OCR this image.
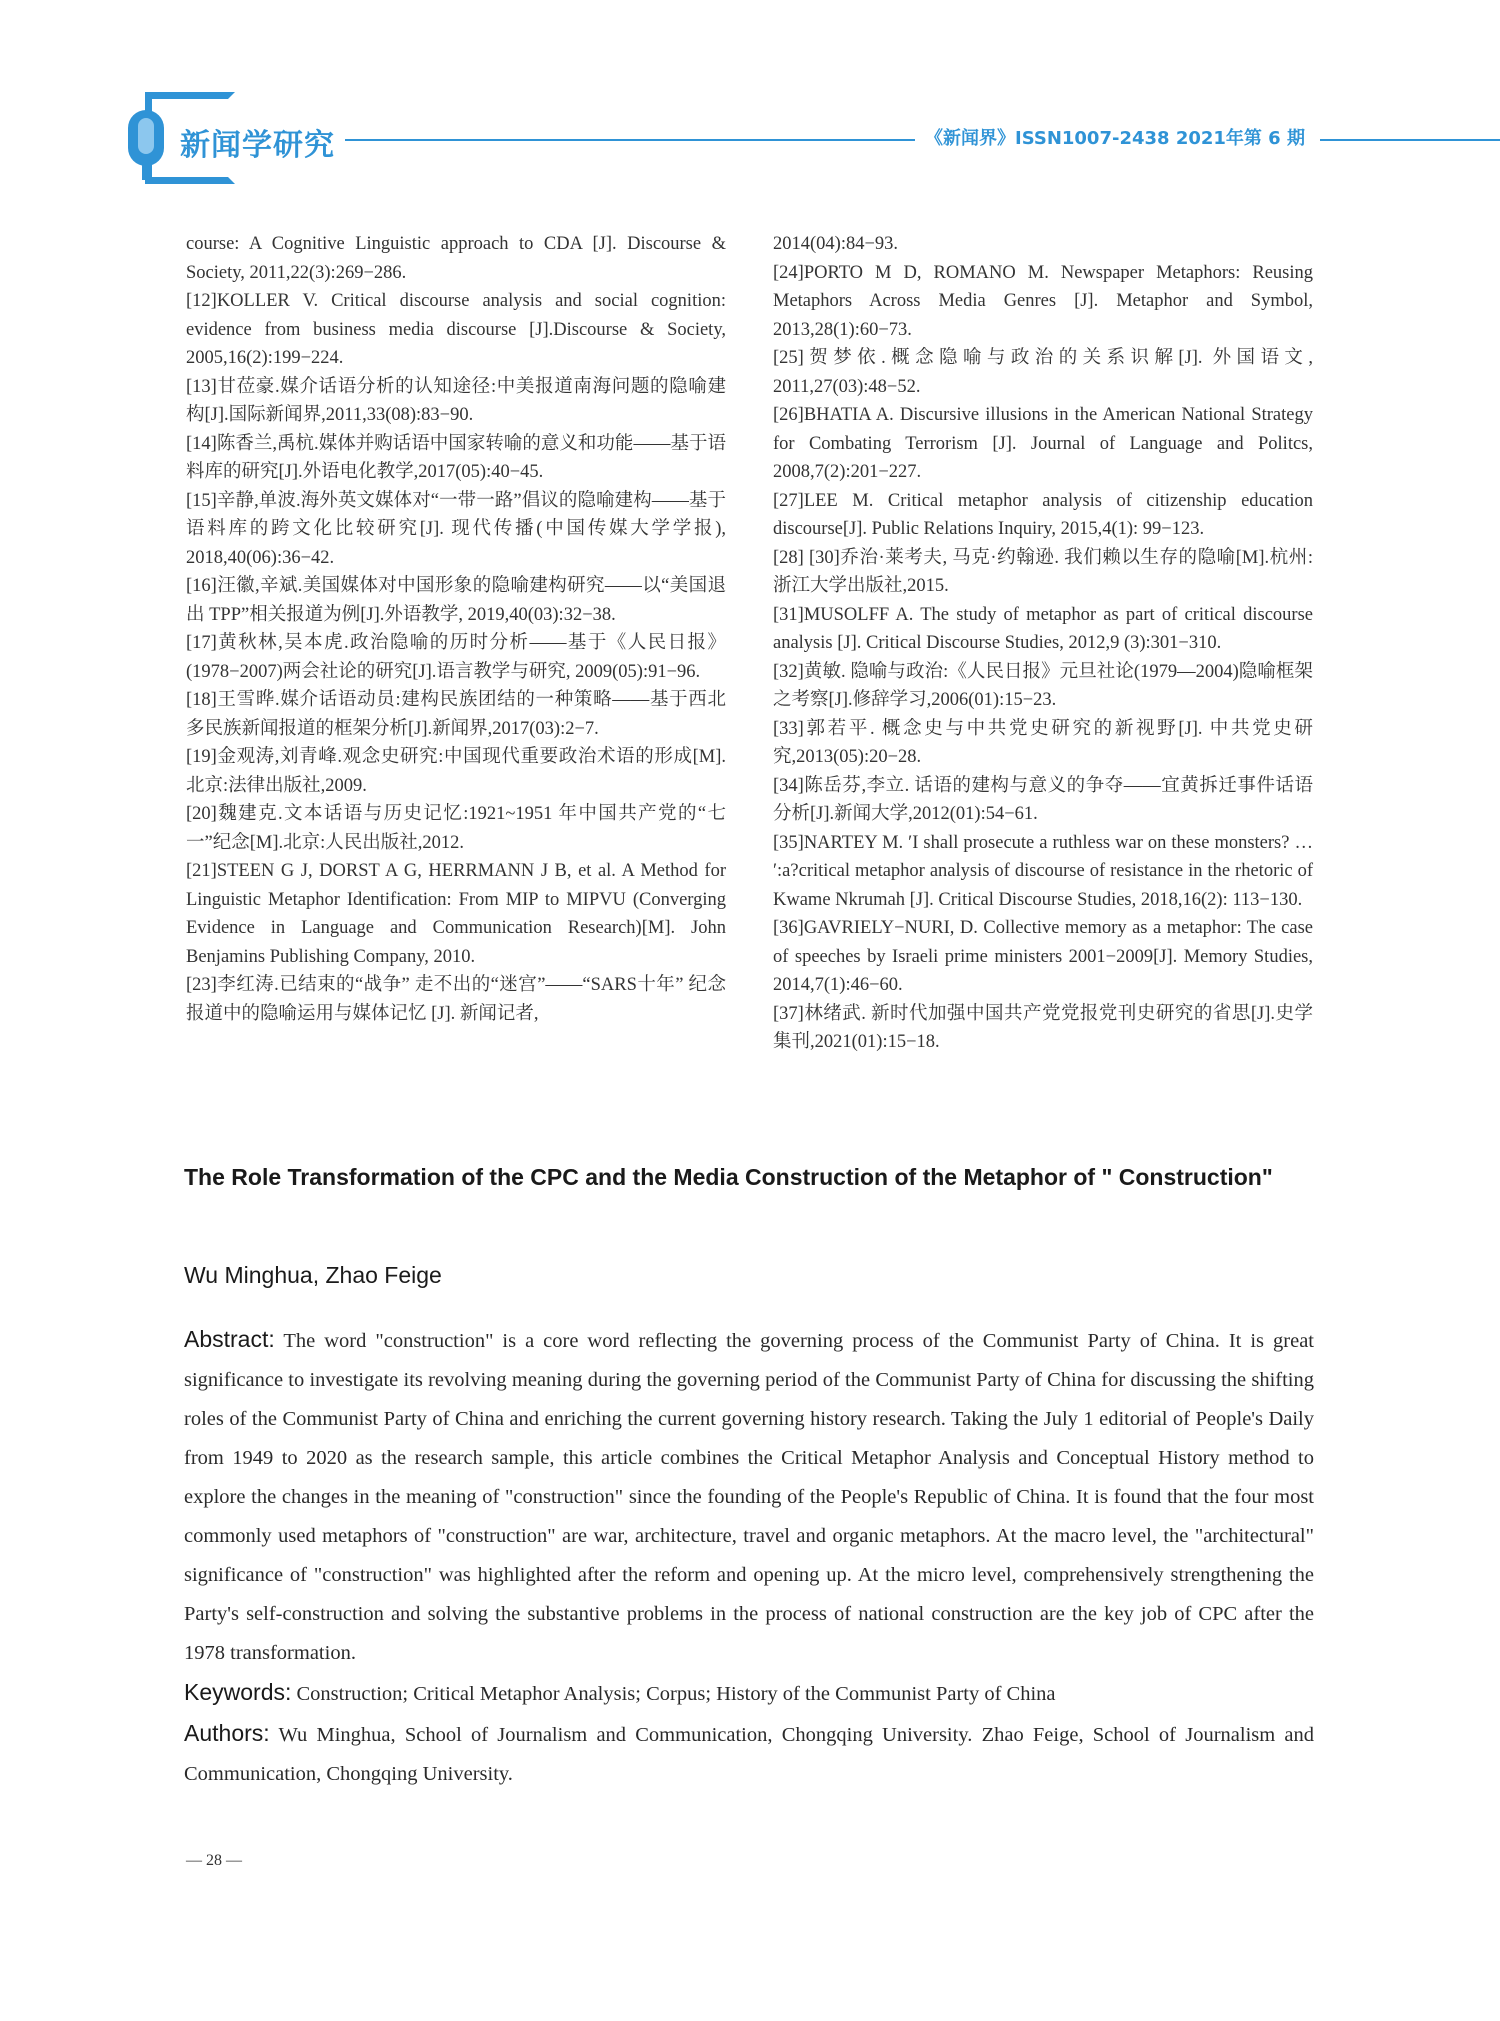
新闻学研究	《新闻界》ISSN1007-2438 2021年第 6 期

course: A Cognitive Linguistic approach to CDA [J]. Discourse & Society, 2011,22(3):269−286.

[12]KOLLER V. Critical discourse analysis and social cognition: evidence from business media discourse [J].Discourse & Society, 2005,16(2):199−224.

[13]甘莅豪.媒介话语分析的认知途径:中美报道南海问题的隐喻建构[J].国际新闻界,2011,33(08):83−90.

[14]陈香兰,禹杭.媒体并购话语中国家转喻的意义和功能——基于语料库的研究[J].外语电化教学,2017(05):40−45.

[15]辛静,单波.海外英文媒体对“一带一路”倡议的隐喻建构——基于语料库的跨文化比较研究[J]. 现代传播(中国传媒大学学报), 2018,40(06):36−42.

[16]汪徽,辛斌.美国媒体对中国形象的隐喻建构研究——以“美国退出 TPP”相关报道为例[J].外语教学, 2019,40(03):32−38.

[17]黄秋林,吴本虎.政治隐喻的历时分析——基于《人民日报》(1978−2007)两会社论的研究[J].语言教学与研究, 2009(05):91−96.

[18]王雪晔.媒介话语动员:建构民族团结的一种策略——基于西北多民族新闻报道的框架分析[J].新闻界,2017(03):2−7.

[19]金观涛,刘青峰.观念史研究:中国现代重要政治术语的形成[M].北京:法律出版社,2009.

[20]魏建克.文本话语与历史记忆:1921~1951 年中国共产党的“七一”纪念[M].北京:人民出版社,2012.

[21]STEEN G J, DORST A G, HERRMANN J B, et al. A Method for Linguistic Metaphor Identification: From MIP to MIPVU (Converging Evidence in Language and Communication Research)[M]. John Benjamins Publishing Company, 2010.

[23]李红涛.已结束的“战争” 走不出的“迷宫”——“SARS十年” 纪念报道中的隐喻运用与媒体记忆 [J]. 新闻记者,

2014(04):84−93.

[24]PORTO M D, ROMANO M. Newspaper Metaphors: Reusing Metaphors Across Media Genres [J]. Metaphor and Symbol, 2013,28(1):60−73.

[25]贺梦依.概念隐喻与政治的关系识解[J]. 外国语文, 2011,27(03):48−52.

[26]BHATIA A. Discursive illusions in the American National Strategy for Combating Terrorism [J]. Journal of Language and Politcs, 2008,7(2):201−227.

[27]LEE M. Critical metaphor analysis of citizenship education discourse[J]. Public Relations Inquiry, 2015,4(1): 99−123.

[28] [30]乔治·莱考夫, 马克·约翰逊. 我们赖以生存的隐喻[M].杭州:浙江大学出版社,2015.

[31]MUSOLFF A. The study of metaphor as part of critical discourse analysis [J]. Critical Discourse Studies, 2012,9 (3):301−310.

[32]黄敏. 隐喻与政治:《人民日报》元旦社论(1979—2004)隐喻框架之考察[J].修辞学习,2006(01):15−23.

[33]郭若平. 概念史与中共党史研究的新视野[J]. 中共党史研究,2013(05):20−28.

[34]陈岳芬,李立. 话语的建构与意义的争夺——宜黄拆迁事件话语分析[J].新闻大学,2012(01):54−61.

[35]NARTEY M. ′I shall prosecute a ruthless war on these monsters? …′:a?critical metaphor analysis of discourse of resistance in the rhetoric of Kwame Nkrumah [J]. Critical Discourse Studies, 2018,16(2): 113−130.

[36]GAVRIELY−NURI, D. Collective memory as a metaphor: The case of speeches by Israeli prime ministers 2001−2009[J]. Memory Studies, 2014,7(1):46−60.

[37]林绪武. 新时代加强中国共产党党报党刊史研究的省思[J].史学集刊,2021(01):15−18.

The Role Transformation of the CPC and the Media Construction of the Metaphor of " Construction"
Wu Minghua, Zhao Feige

Abstract: The word "construction" is a core word reflecting the governing process of the Communist Party of China. It is great significance to investigate its revolving meaning during the governing period of the Communist Party of China for discussing the shifting roles of the Communist Party of China and enriching the current governing history research. Taking the July 1 editorial of People's Daily from 1949 to 2020 as the research sample, this article combines the Critical Metaphor Analysis and Conceptual History method to explore the changes in the meaning of "construction" since the founding of the People's Republic of China. It is found that the four most commonly used metaphors of "construction" are war, architecture, travel and organic metaphors. At the macro level, the "architectural" significance of "construction" was highlighted after the reform and opening up. At the micro level, comprehensively strengthening the Party's self-construction and solving the substantive problems in the process of national construction are the key job of CPC after the 1978 transformation.

Keywords: Construction; Critical Metaphor Analysis; Corpus; History of the Communist Party of China

Authors: Wu Minghua, School of Journalism and Communication, Chongqing University. Zhao Feige, School of Journalism and Communication, Chongqing University.

— 28 —
